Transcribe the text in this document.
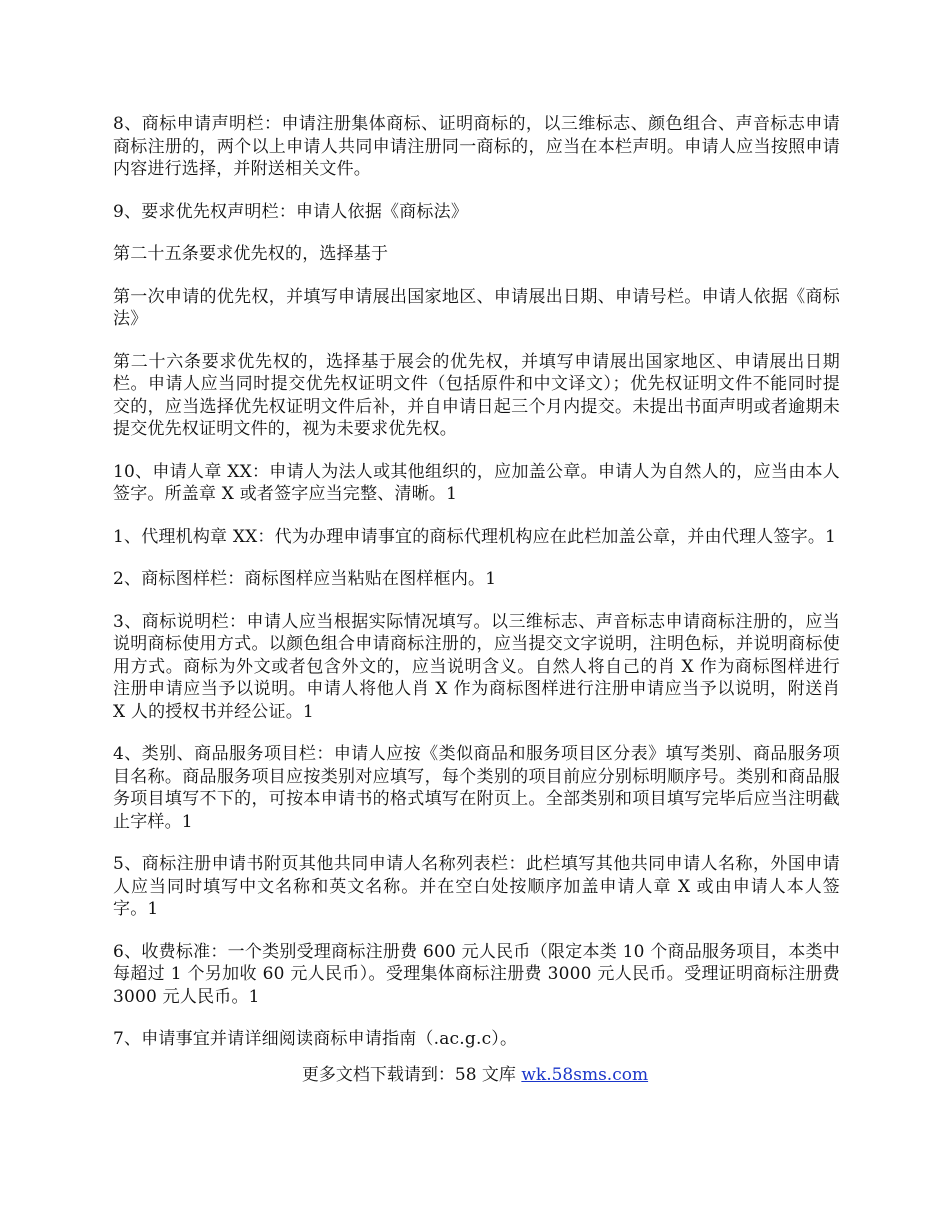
8、商标申请声明栏：申请注册集体商标、证明商标的，以三维标志、颜色组合、声音标志申请商标注册的，两个以上申请人共同申请注册同一商标的，应当在本栏声明。申请人应当按照申请内容进行选择，并附送相关文件。

9、要求优先权声明栏：申请人依据《商标法》

第二十五条要求优先权的，选择基于

第一次申请的优先权，并填写申请展出国家地区、申请展出日期、申请号栏。申请人依据《商标法》

第二十六条要求优先权的，选择基于展会的优先权，并填写申请展出国家地区、申请展出日期栏。申请人应当同时提交优先权证明文件（包括原件和中文译文）；优先权证明文件不能同时提交的，应当选择优先权证明文件后补，并自申请日起三个月内提交。未提出书面声明或者逾期未提交优先权证明文件的，视为未要求优先权。

10、申请人章 XX：申请人为法人或其他组织的，应加盖公章。申请人为自然人的，应当由本人签字。所盖章 X 或者签字应当完整、清晰。1

1、代理机构章 XX：代为办理申请事宜的商标代理机构应在此栏加盖公章，并由代理人签字。1

2、商标图样栏：商标图样应当粘贴在图样框内。1

3、商标说明栏：申请人应当根据实际情况填写。以三维标志、声音标志申请商标注册的，应当说明商标使用方式。以颜色组合申请商标注册的，应当提交文字说明，注明色标，并说明商标使用方式。商标为外文或者包含外文的，应当说明含义。自然人将自己的肖 X 作为商标图样进行注册申请应当予以说明。申请人将他人肖 X 作为商标图样进行注册申请应当予以说明，附送肖 X 人的授权书并经公证。1

4、类别、商品服务项目栏：申请人应按《类似商品和服务项目区分表》填写类别、商品服务项目名称。商品服务项目应按类别对应填写，每个类别的项目前应分别标明顺序号。类别和商品服务项目填写不下的，可按本申请书的格式填写在附页上。全部类别和项目填写完毕后应当注明截止字样。1

5、商标注册申请书附页其他共同申请人名称列表栏：此栏填写其他共同申请人名称，外国申请人应当同时填写中文名称和英文名称。并在空白处按顺序加盖申请人章 X 或由申请人本人签字。1

6、收费标准：一个类别受理商标注册费 600 元人民币（限定本类 10 个商品服务项目，本类中每超过 1 个另加收 60 元人民币）。受理集体商标注册费 3000 元人民币。受理证明商标注册费 3000 元人民币。1

7、申请事宜并请详细阅读商标申请指南（.ac.g.c）。

更多文档下载请到：58 文库 wk.58sms.com
